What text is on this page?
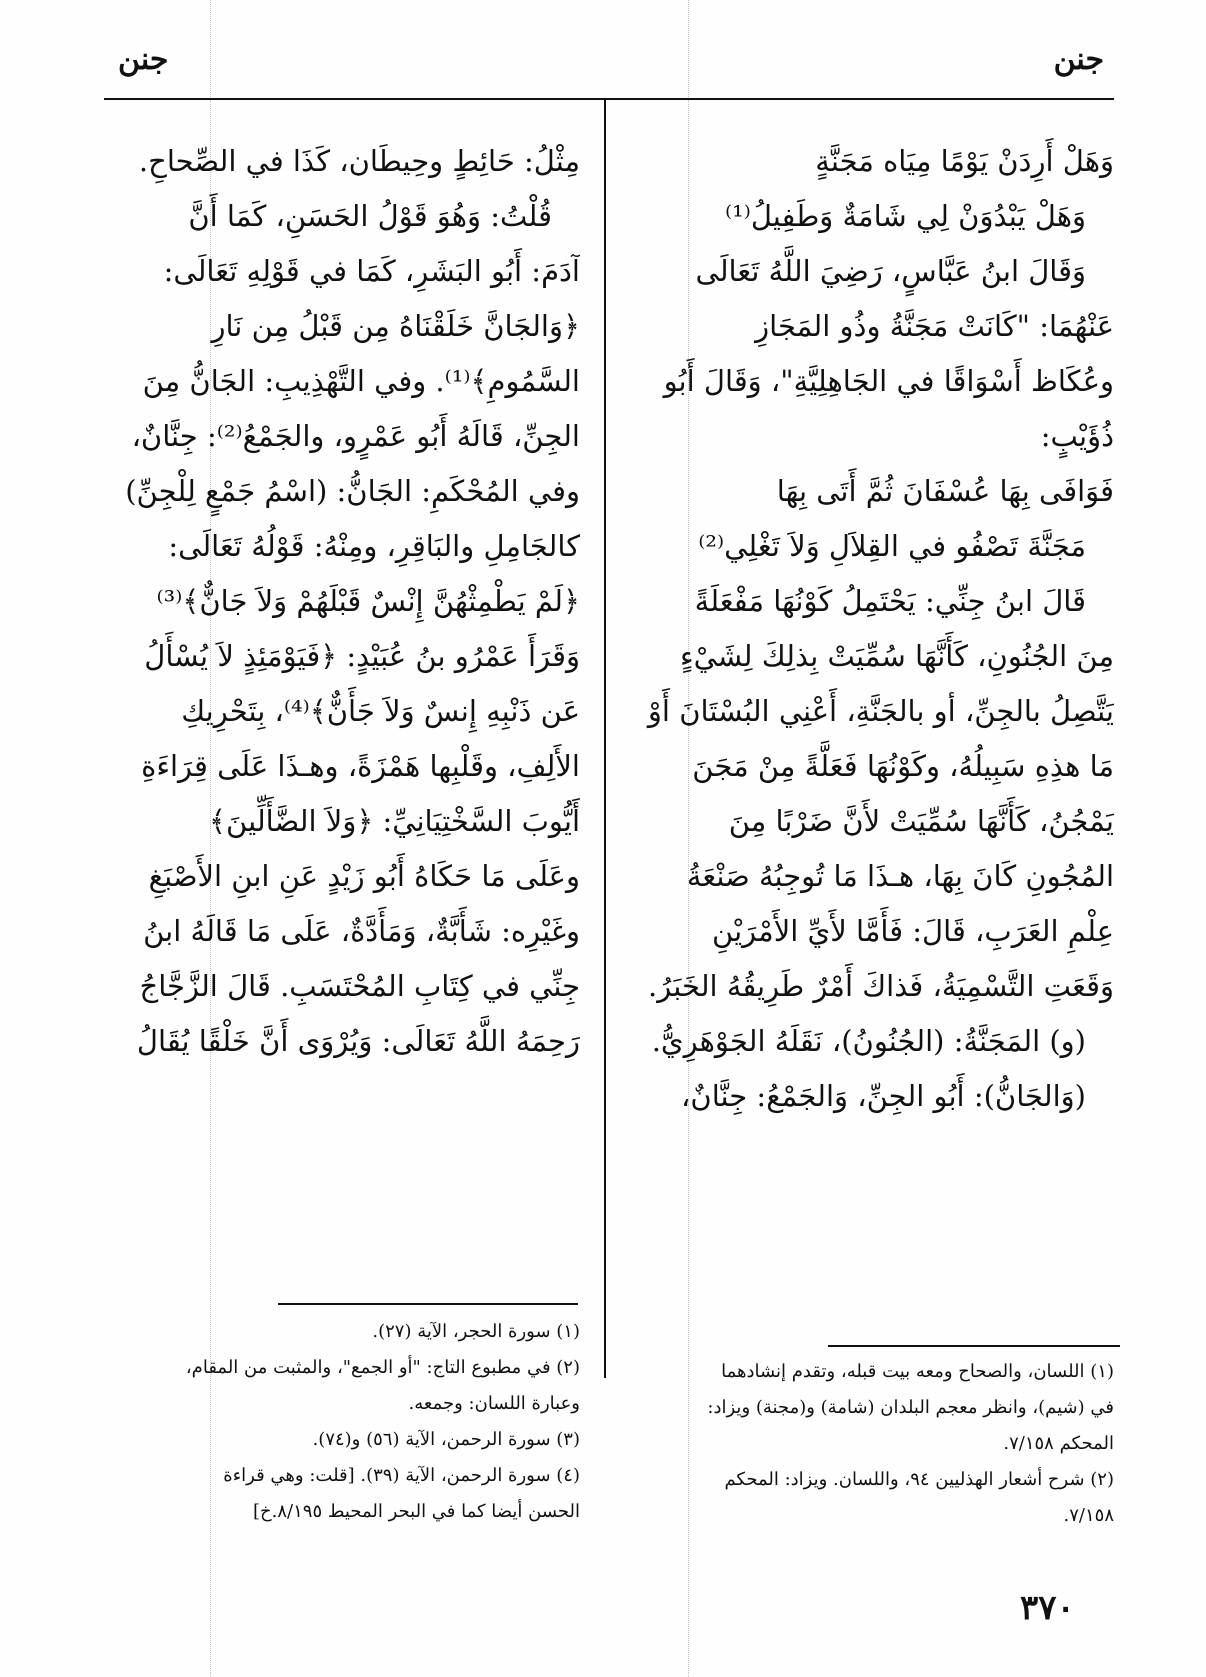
جنن
جنن
وَهَلْ أَرِدَنْ يَوْمًا مِيَاه مَجَنَّةٍ
وَهَلْ يَبْدُوَنْ لِي شَامَةٌ وَطَفِيلُ⁽¹⁾
وَقَالَ ابنُ عَبَّاسٍ، رَضِيَ اللَّهُ تَعَالَى
عَنْهُمَا: "كَانَتْ مَجَنَّةُ وذُو المَجَازِ
وعُكَاظ أَسْوَاقًا في الجَاهِلِيَّةِ"، وَقَالَ أَبُو
ذُؤَيْبٍ:
فَوَافَى بِهَا عُسْفَانَ ثُمَّ أَتَى بِهَا
مَجَنَّةَ تَصْفُو في القِلاَلِ وَلاَ تَغْلِي⁽²⁾
قَالَ ابنُ جِنِّي: يَحْتَمِلُ كَوْنُهَا مَفْعَلَةً
مِنَ الجُنُونِ، كَأَنَّهَا سُمِّيَتْ بِذلِكَ لِشَيْءٍ
يَتَّصِلُ بالجِنِّ، أو بالجَنَّةِ، أَعْنِي البُسْتَانَ أَوْ
مَا هذِهِ سَبِيلُهُ، وكَوْنُهَا فَعَلَّةً مِنْ مَجَنَ
يَمْجُنُ، كَأَنَّهَا سُمِّيَتْ لأَنَّ ضَرْبًا مِنَ
المُجُونِ كَانَ بِهَا، هـذَا مَا تُوجِبُهُ صَنْعَةُ
عِلْمِ العَرَبِ، قَالَ: فَأَمَّا لأَيِّ الأَمْرَيْنِ
وَقَعَتِ التَّسْمِيَةُ، فَذاكَ أَمْرٌ طَرِيقُهُ الخَبَرُ.
(و) المَجَنَّةُ: (الجُنُونُ)، نَقَلَهُ الجَوْهَرِيُّ.
(وَالجَانُّ): أَبُو الجِنِّ، وَالجَمْعُ: جِنَّانٌ،
مِثْلُ: حَائِطٍ وحِيطَان، كَذَا في الصِّحاحِ.
قُلْتُ: وَهُوَ قَوْلُ الحَسَنِ، كَمَا أَنَّ
آدَمَ: أَبُو البَشَرِ، كَمَا في قَوْلِهِ تَعَالَى:
﴿وَالجَانَّ خَلَقْنَاهُ مِن قَبْلُ مِن نَارِ
السَّمُومِ﴾⁽¹⁾. وفي التَّهْذِيبِ: الجَانُّ مِنَ
الجِنِّ، قَالَهُ أَبُو عَمْرٍو، والجَمْعُ⁽²⁾: جِنَّانٌ،
وفي المُحْكَمِ: الجَانُّ: (اسْمُ جَمْعٍ لِلْجِنِّ)
كالجَامِلِ والبَاقِرِ، ومِنْهُ: قَوْلُهُ تَعَالَى:
﴿لَمْ يَطْمِثْهُنَّ إِنْسٌ قَبْلَهُمْ وَلاَ جَانٌّ﴾⁽³⁾
وَقَرَأَ عَمْرُو بنُ عُبَيْدٍ: ﴿فَيَوْمَئِذٍ لاَ يُسْأَلُ
عَن ذَنْبِهِ إِنسٌ وَلاَ جَأَنٌّ﴾⁽⁴⁾، بِتَحْرِيكِ
الأَلِفِ، وقَلْبِها هَمْزَةً، وهـذَا عَلَى قِرَاءَةِ
أَيُّوبَ السَّخْتِيَانِيِّ: ﴿وَلاَ الضَّأَلِّينَ﴾
وعَلَى مَا حَكَاهُ أَبُو زَيْدٍ عَنِ ابنِ الأَصْبَغِ
وغَيْرِه: شَأَبَّةٌ، وَمَأَدَّةٌ، عَلَى مَا قَالَهُ ابنُ
جِنِّي في كِتَابِ المُحْتَسَبِ. قَالَ الزَّجَّاجُ
رَحِمَهُ اللَّهُ تَعَالَى: وَيُرْوَى أَنَّ خَلْقًا يُقَالُ
(١) سورة الحجر، الآية (٢٧).
(٢) في مطبوع التاج: "أو الجمع"، والمثبت من المقام،
وعبارة اللسان: وجمعه.
(٣) سورة الرحمن، الآية (٥٦) و(٧٤).
(٤) سورة الرحمن، الآية (٣٩). [قلت: وهي قراءة
الحسن أيضا كما في البحر المحيط ٨/١٩٥.خ]
(١) اللسان، والصحاح ومعه بيت قبله، وتقدم إنشادهما
في (شيم)، وانظر معجم البلدان (شامة) و(مجنة) ويزاد:
المحكم ٧/١٥٨.
(٢) شرح أشعار الهذليين ٩٤، واللسان. ويزاد: المحكم
٧/١٥٨.
٣٧٠
